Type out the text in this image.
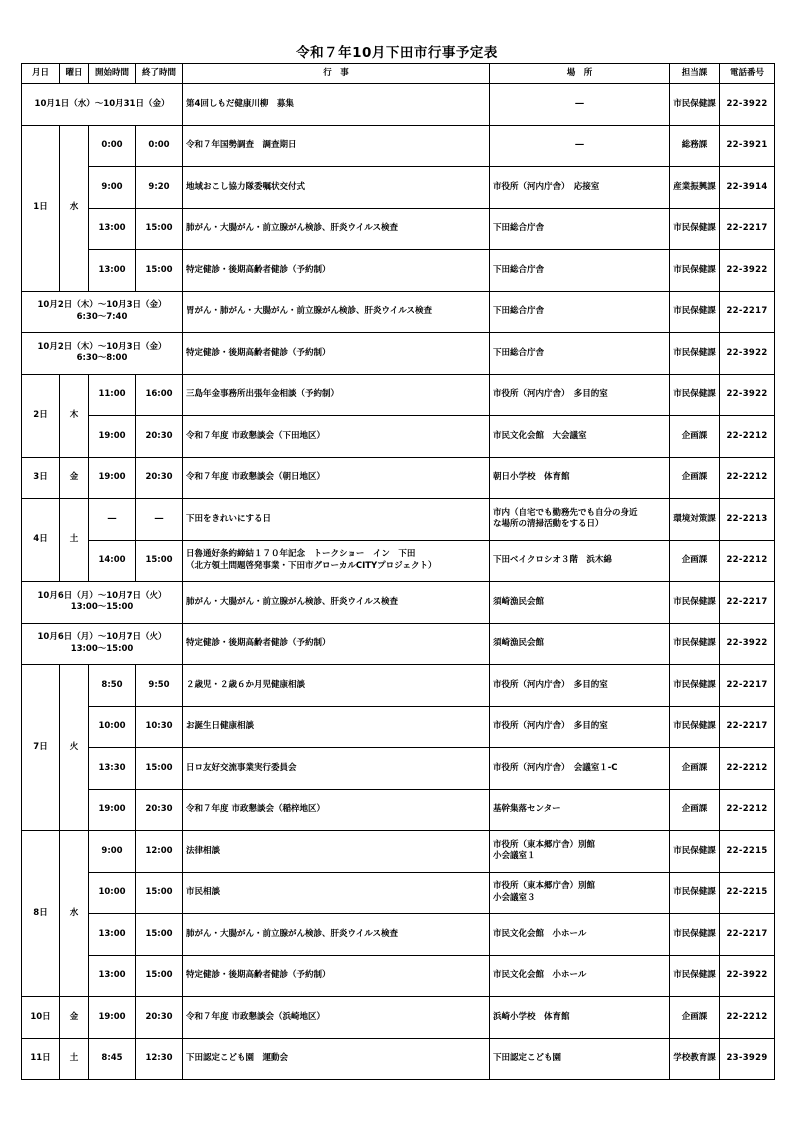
令和７年10月下田市行事予定表
月日	曜日	開始時間	終了時間	行　事	場　所	担当課	電話番号
10月1日（水）～10月31日（金）				第4回しもだ健康川柳　募集	―	市民保健課	22-3922
1日	水	0:00	0:00	令和７年国勢調査　調査期日	―	総務課	22-3921
		9:00	9:20	地域おこし協力隊委嘱状交付式	市役所（河内庁舎）　応接室	産業振興課	22-3914
		13:00	15:00	肺がん・大腸がん・前立腺がん検診、肝炎ウイルス検査	下田総合庁舎	市民保健課	22-2217
		13:00	15:00	特定健診・後期高齢者健診（予約制）	下田総合庁舎	市民保健課	22-3922
10月2日（木）～10月3日（金）
6:30～7:40				胃がん・肺がん・大腸がん・前立腺がん検診、肝炎ウイルス検査	下田総合庁舎	市民保健課	22-2217
10月2日（木）～10月3日（金）
6:30～8:00				特定健診・後期高齢者健診（予約制）	下田総合庁舎	市民保健課	22-3922
2日	木	11:00	16:00	三島年金事務所出張年金相談（予約制）	市役所（河内庁舎）　多目的室	市民保健課	22-3922
		19:00	20:30	令和７年度 市政懇談会（下田地区）	市民文化会館　大会議室	企画課	22-2212
3日	金	19:00	20:30	令和７年度 市政懇談会（朝日地区）	朝日小学校　体育館	企画課	22-2212
4日	土	―	―	下田をきれいにする日	市内（自宅でも勤務先でも自分の身近
な場所の清掃活動をする日）	環境対策課	22-2213
		14:00	15:00	日魯通好条約締結１７０年記念　トークショー　イン　下田
（北方領土問題啓発事業・下田市グローカルCITYプロジェクト）	下田ベイクロシオ３階　浜木綿	企画課	22-2212
10月6日（月）～10月7日（火）
13:00～15:00				肺がん・大腸がん・前立腺がん検診、肝炎ウイルス検査	須崎漁民会館	市民保健課	22-2217
10月6日（月）～10月7日（火）
13:00～15:00				特定健診・後期高齢者健診（予約制）	須崎漁民会館	市民保健課	22-3922
7日	火	8:50	9:50	２歳児・２歳６か月児健康相談	市役所（河内庁舎）　多目的室	市民保健課	22-2217
		10:00	10:30	お誕生日健康相談	市役所（河内庁舎）　多目的室	市民保健課	22-2217
		13:30	15:00	日ロ友好交流事業実行委員会	市役所（河内庁舎）　会議室１-C	企画課	22-2212
		19:00	20:30	令和７年度 市政懇談会（稲梓地区）	基幹集落センター	企画課	22-2212
8日	水	9:00	12:00	法律相談	市役所（東本郷庁舎）別館
小会議室１	市民保健課	22-2215
		10:00	15:00	市民相談	市役所（東本郷庁舎）別館
小会議室３	市民保健課	22-2215
		13:00	15:00	肺がん・大腸がん・前立腺がん検診、肝炎ウイルス検査	市民文化会館　小ホール	市民保健課	22-2217
		13:00	15:00	特定健診・後期高齢者健診（予約制）	市民文化会館　小ホール	市民保健課	22-3922
10日	金	19:00	20:30	令和７年度 市政懇談会（浜崎地区）	浜崎小学校　体育館	企画課	22-2212
11日	土	8:45	12:30	下田認定こども園　運動会	下田認定こども園	学校教育課	23-3929
